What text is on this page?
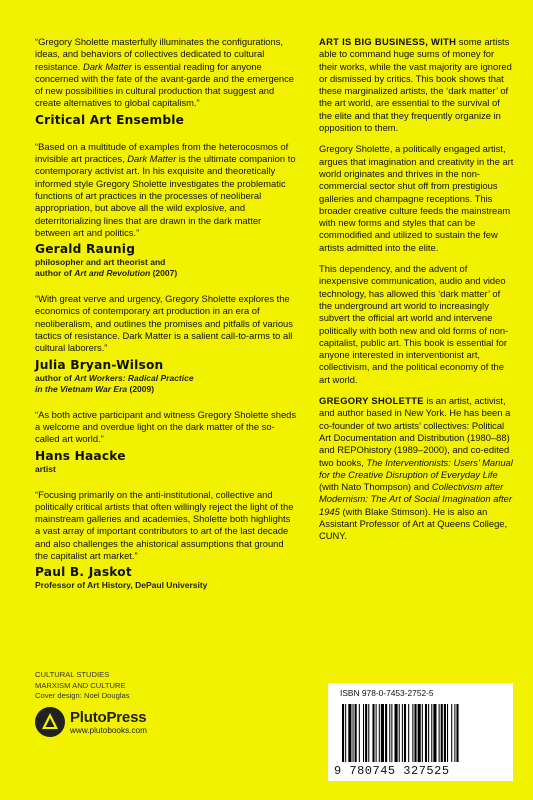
“Gregory Sholette masterfully illuminates the configurations, ideas, and behaviors of collectives dedicated to cultural resistance. Dark Matter is essential reading for anyone concerned with the fate of the avant-garde and the emergence of new possibilities in cultural production that suggest and create alternatives to global capitalism.”

Critical Art Ensemble

“Based on a multitude of examples from the heterocosmos of invisible art practices, Dark Matter is the ultimate companion to contemporary activist art. In his exquisite and theoretically informed style Gregory Sholette investigates the problematic functions of art practices in the processes of neoliberal appropriation, but above all the wild explosive, and deterritorializing lines that are drawn in the dark matter between art and politics.”

Gerald Raunig
philosopher and art theorist and
author of Art and Revolution (2007)

“With great verve and urgency, Gregory Sholette explores the economics of contemporary art production in an era of neoliberalism, and outlines the promises and pitfalls of various tactics of resistance. Dark Matter is a salient call-to-arms to all cultural laborers.”

Julia Bryan-Wilson
author of Art Workers: Radical Practice
in the Vietnam War Era (2009)

“As both active participant and witness Gregory Sholette sheds a welcome and overdue light on the dark matter of the so-called art world.”

Hans Haacke
artist

“Focusing primarily on the anti-institutional, collective and politically critical artists that often willingly reject the light of the mainstream galleries and academies, Sholette both highlights a vast array of important contributors to art of the last decade and also challenges the ahistorical assumptions that ground the capitalist art market.”

Paul B. Jaskot
Professor of Art History, DePaul University

ART IS BIG BUSINESS, WITH some artists able to command huge sums of money for their works, while the vast majority are ignored or dismissed by critics. This book shows that these marginalized artists, the ‘dark matter’ of the art world, are essential to the survival of the elite and that they frequently organize in opposition to them.

Gregory Sholette, a politically engaged artist, argues that imagination and creativity in the art world originates and thrives in the non-commercial sector shut off from prestigious galleries and champagne receptions. This broader creative culture feeds the mainstream with new forms and styles that can be commodified and utilized to sustain the few artists admitted into the elite.

This dependency, and the advent of inexpensive communication, audio and video technology, has allowed this ‘dark matter’ of the underground art world to increasingly subvert the official art world and intervene politically with both new and old forms of non-capitalist, public art. This book is essential for anyone interested in interventionist art, collectivism, and the political economy of the art world.

GREGORY SHOLETTE is an artist, activist, and author based in New York. He has been a co-founder of two artists’ collectives: Political Art Documentation and Distribution (1980–88) and REPOhistory (1989–2000), and co-edited two books, The Interventionists: Users’ Manual for the Creative Disruption of Everyday Life (with Nato Thompson) and Collectivism after Modernism: The Art of Social Imagination after 1945 (with Blake Stimson). He is also an Assistant Professor of Art at Queens College, CUNY.

CULTURAL STUDIES
MARXISM AND CULTURE
Cover design: Noel Douglas
PlutoPress
www.plutobooks.com
ISBN 978-0-7453-2752-5
9 780745 327525
